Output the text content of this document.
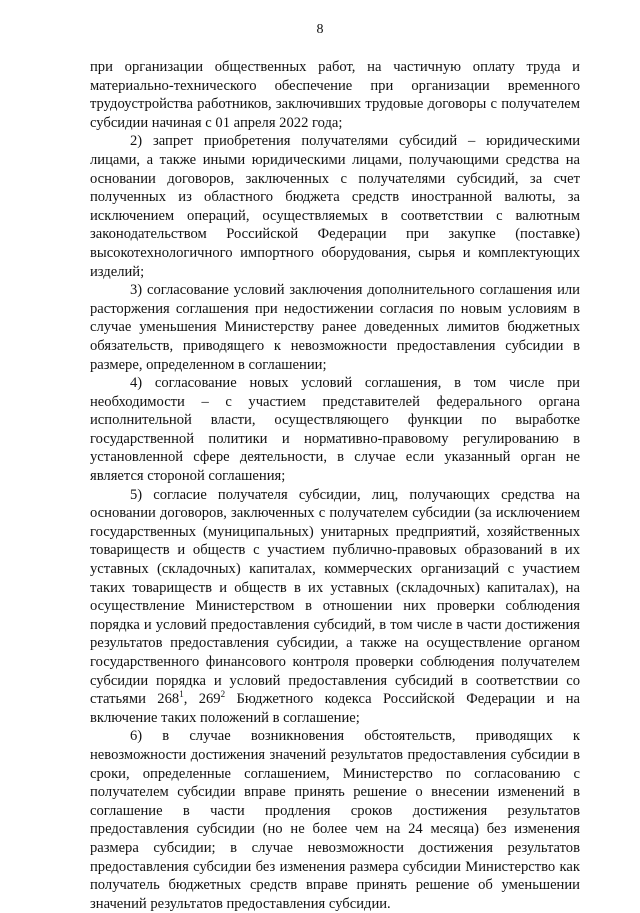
8

при организации общественных работ, на частичную оплату труда и материально-технического обеспечение при организации временного трудоустройства работников, заключивших трудовые договоры с получателем субсидии начиная с 01 апреля 2022 года;

2) запрет приобретения получателями субсидий – юридическими лицами, а также иными юридическими лицами, получающими средства на основании договоров, заключенных с получателями субсидий, за счет полученных из областного бюджета средств иностранной валюты, за исключением операций, осуществляемых в соответствии с валютным законодательством Российской Федерации при закупке (поставке) высокотехнологичного импортного оборудования, сырья и комплектующих изделий;

3) согласование условий заключения дополнительного соглашения или расторжения соглашения при недостижении согласия по новым условиям в случае уменьшения Министерству ранее доведенных лимитов бюджетных обязательств, приводящего к невозможности предоставления субсидии в размере, определенном в соглашении;

4) согласование новых условий соглашения, в том числе при необходимости – с участием представителей федерального органа исполнительной власти, осуществляющего функции по выработке государственной политики и нормативно-правовому регулированию в установленной сфере деятельности, в случае если указанный орган не является стороной соглашения;

5) согласие получателя субсидии, лиц, получающих средства на основании договоров, заключенных с получателем субсидии (за исключением государственных (муниципальных) унитарных предприятий, хозяйственных товариществ и обществ с участием публично-правовых образований в их уставных (складочных) капиталах, коммерческих организаций с участием таких товариществ и обществ в их уставных (складочных) капиталах), на осуществление Министерством в отношении них проверки соблюдения порядка и условий предоставления субсидий, в том числе в части достижения результатов предоставления субсидии, а также на осуществление органом государственного финансового контроля проверки соблюдения получателем субсидии порядка и условий предоставления субсидий в соответствии со статьями $268^1$, $269^2$ Бюджетного кодекса Российской Федерации и на включение таких положений в соглашение;

6) в случае возникновения обстоятельств, приводящих к невозможности достижения значений результатов предоставления субсидии в сроки, определенные соглашением, Министерство по согласованию с получателем субсидии вправе принять решение о внесении изменений в соглашение в части продления сроков достижения результатов предоставления субсидии (но не более чем на 24 месяца) без изменения размера субсидии; в случае невозможности достижения результатов предоставления субсидии без изменения размера субсидии Министерство как получатель бюджетных средств вправе принять решение об уменьшении значений результатов предоставления субсидии.
